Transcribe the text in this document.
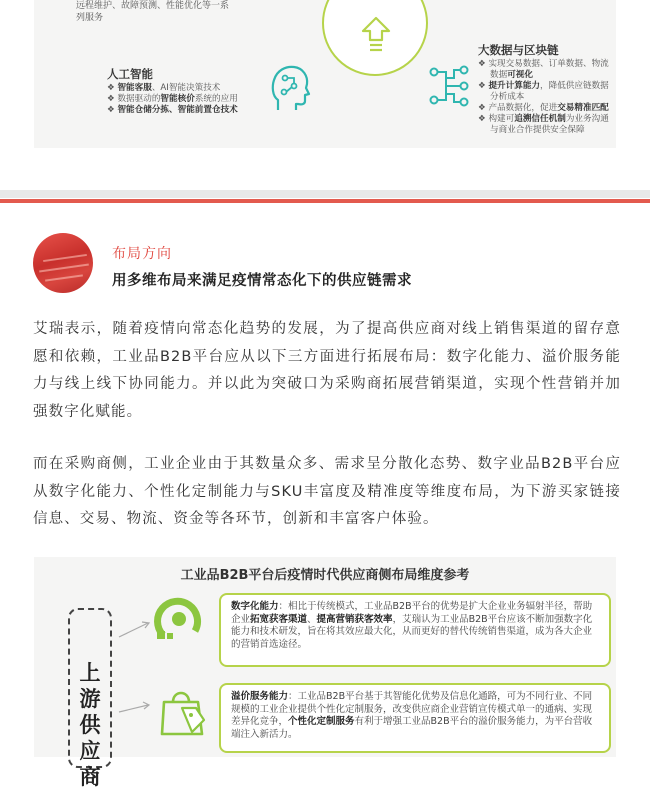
远程维护、故障预测、性能优化等一系
列服务
人工智能
❖ 智能客服、AI智能决策技术
❖ 数据驱动的智能核价系统的应用
❖ 智能仓储分拣、智能前置仓技术
大数据与区块链
❖ 实现交易数据、订单数据、物流
数据可视化
❖ 提升计算能力，降低供应链数据
分析成本
❖ 产品数据化，促进交易精准匹配
❖ 构建可追溯信任机制为业务沟通
与商业合作提供安全保障
布局方向
用多维布局来满足疫情常态化下的供应链需求

艾瑞表示，随着疫情向常态化趋势的发展，为了提高供应商对线上销售渠道的留存意愿和依赖，工业品B2B平台应从以下三方面进行拓展布局：数字化能力、溢价服务能力与线上线下协同能力。并以此为突破口为采购商拓展营销渠道，实现个性营销并加强数字化赋能。

而在采购商侧，工业企业由于其数量众多、需求呈分散化态势、数字业品B2B平台应从数字化能力、个性化定制能力与SKU丰富度及精准度等维度布局，为下游买家链接信息、交易、物流、资金等各环节，创新和丰富客户体验。

工业品B2B平台后疫情时代供应商侧布局维度参考
上
游
供
应
商
数字化能力：相比于传统模式，工业品B2B平台的优势是扩大企业业务辐射半径，帮助企业拓宽获客渠道、提高营销获客效率，艾瑞认为工业品B2B平台应该不断加强数字化能力和技术研发，旨在将其效应最大化，从而更好的替代传统销售渠道，成为各大企业的营销首选途径。
溢价服务能力：工业品B2B平台基于其智能化优势及信息化通路，可为不同行业、不同规模的工业企业提供个性化定制服务，改变供应商企业营销宣传模式单一的通病、实现差异化竞争，个性化定制服务有利于增强工业品B2B平台的溢价服务能力，为平台营收端注入新活力。
